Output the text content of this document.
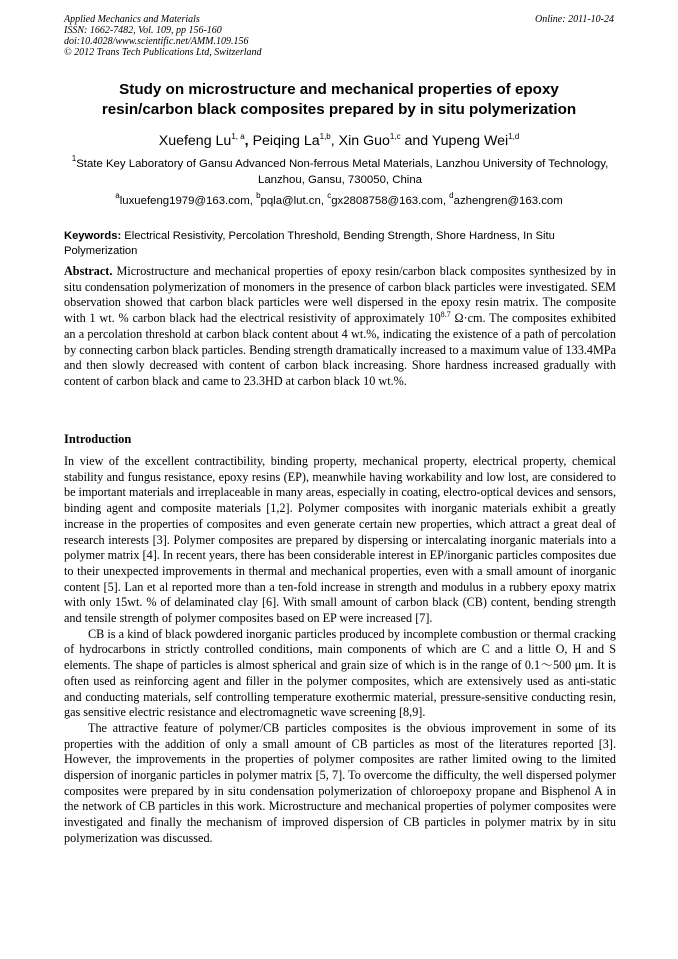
Applied Mechanics and Materials	Online: 2011-10-24
ISSN: 1662-7482, Vol. 109, pp 156-160
doi:10.4028/www.scientific.net/AMM.109.156
© 2012 Trans Tech Publications Ltd, Switzerland
Study on microstructure and mechanical properties of epoxy
resin/carbon black composites prepared by in situ polymerization
Xuefeng Lu$^{1, a}$, Peiqing La$^{1,b}$, Xin Guo$^{1,c}$ and Yupeng Wei$^{1,d}$
$^1$State Key Laboratory of Gansu Advanced Non-ferrous Metal Materials, Lanzhou University of Technology, Lanzhou, Gansu, 730050, China
$^a$luxuefeng1979@163.com, $^b$pqla@lut.cn, $^c$gx2808758@163.com, $^d$azhengren@163.com
Keywords: Electrical Resistivity, Percolation Threshold, Bending Strength, Shore Hardness, In Situ Polymerization
Abstract. Microstructure and mechanical properties of epoxy resin/carbon black composites synthesized by in situ condensation polymerization of monomers in the presence of carbon black particles were investigated. SEM observation showed that carbon black particles were well dispersed in the epoxy resin matrix. The composite with 1 wt. % carbon black had the electrical resistivity of approximately $10^{8.7}$ Ω·cm. The composites exhibited an a percolation threshold at carbon black content about 4 wt.%, indicating the existence of a path of percolation by connecting carbon black particles. Bending strength dramatically increased to a maximum value of 133.4MPa and then slowly decreased with content of carbon black increasing. Shore hardness increased gradually with content of carbon black and came to 23.3HD at carbon black 10 wt.%.
Introduction

In view of the excellent contractibility, binding property, mechanical property, electrical property, chemical stability and fungus resistance, epoxy resins (EP), meanwhile having workability and low lost, are considered to be important materials and irreplaceable in many areas, especially in coating, electro-optical devices and sensors, binding agent and composite materials [1,2]. Polymer composites with inorganic materials exhibit a greatly increase in the properties of composites and even generate certain new properties, which attract a great deal of research interests [3]. Polymer composites are prepared by dispersing or intercalating inorganic materials into a polymer matrix [4]. In recent years, there has been considerable interest in EP/inorganic particles composites due to their unexpected improvements in thermal and mechanical properties, even with a small amount of inorganic content [5]. Lan et al reported more than a ten-fold increase in strength and modulus in a rubbery epoxy matrix with only 15wt. % of delaminated clay [6]. With small amount of carbon black (CB) content, bending strength and tensile strength of polymer composites based on EP were increased [7].

CB is a kind of black powdered inorganic particles produced by incomplete combustion or thermal cracking of hydrocarbons in strictly controlled conditions, main components of which are C and a little O, H and S elements. The shape of particles is almost spherical and grain size of which is in the range of 0.1～500 μm. It is often used as reinforcing agent and filler in the polymer composites, which are extensively used as anti-static and conducting materials, self controlling temperature exothermic material, pressure-sensitive conducting resin, gas sensitive electric resistance and electromagnetic wave screening [8,9].

The attractive feature of polymer/CB particles composites is the obvious improvement in some of its properties with the addition of only a small amount of CB particles as most of the literatures reported [3]. However, the improvements in the properties of polymer composites are rather limited owing to the limited dispersion of inorganic particles in polymer matrix [5, 7]. To overcome the difficulty, the well dispersed polymer composites were prepared by in situ condensation polymerization of chloroepoxy propane and Bisphenol A in the network of CB particles in this work. Microstructure and mechanical properties of polymer composites were investigated and finally the mechanism of improved dispersion of CB particles in polymer matrix by in situ polymerization was discussed.
